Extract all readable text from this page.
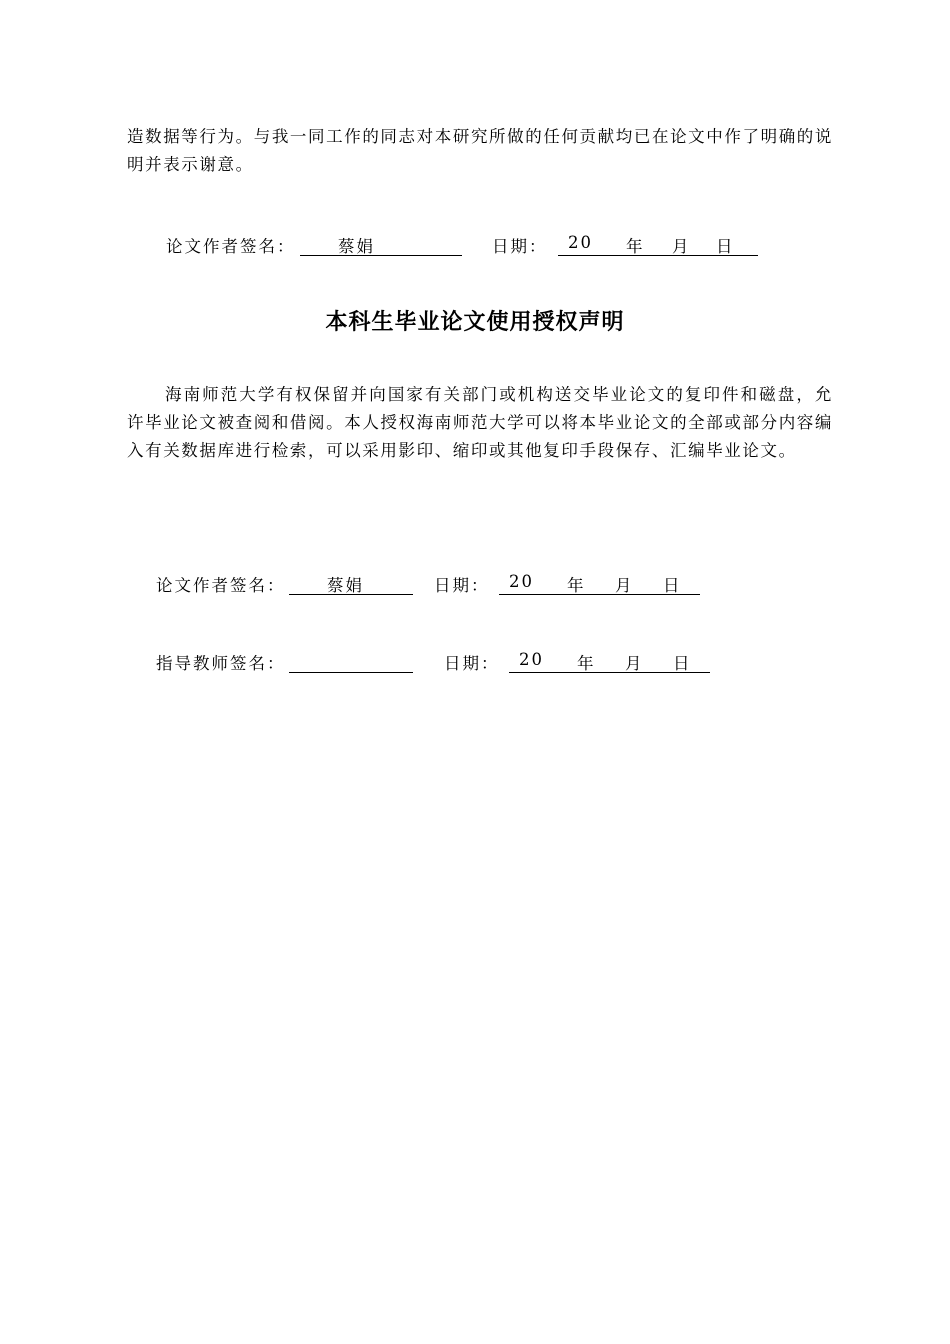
造数据等行为。与我一同工作的同志对本研究所做的任何贡献均已在论文中作了明确的说明并表示谢意。

论文作者签名：	蔡娟	日期： 20 年 月 日
本科生毕业论文使用授权声明

海南师范大学有权保留并向国家有关部门或机构送交毕业论文的复印件和磁盘，允许毕业论文被查阅和借阅。本人授权海南师范大学可以将本毕业论文的全部或部分内容编入有关数据库进行检索，可以采用影印、缩印或其他复印手段保存、汇编毕业论文。

论文作者签名：	蔡娟	日期： 20 年 月 日
指导教师签名：	日期： 20 年 月 日
